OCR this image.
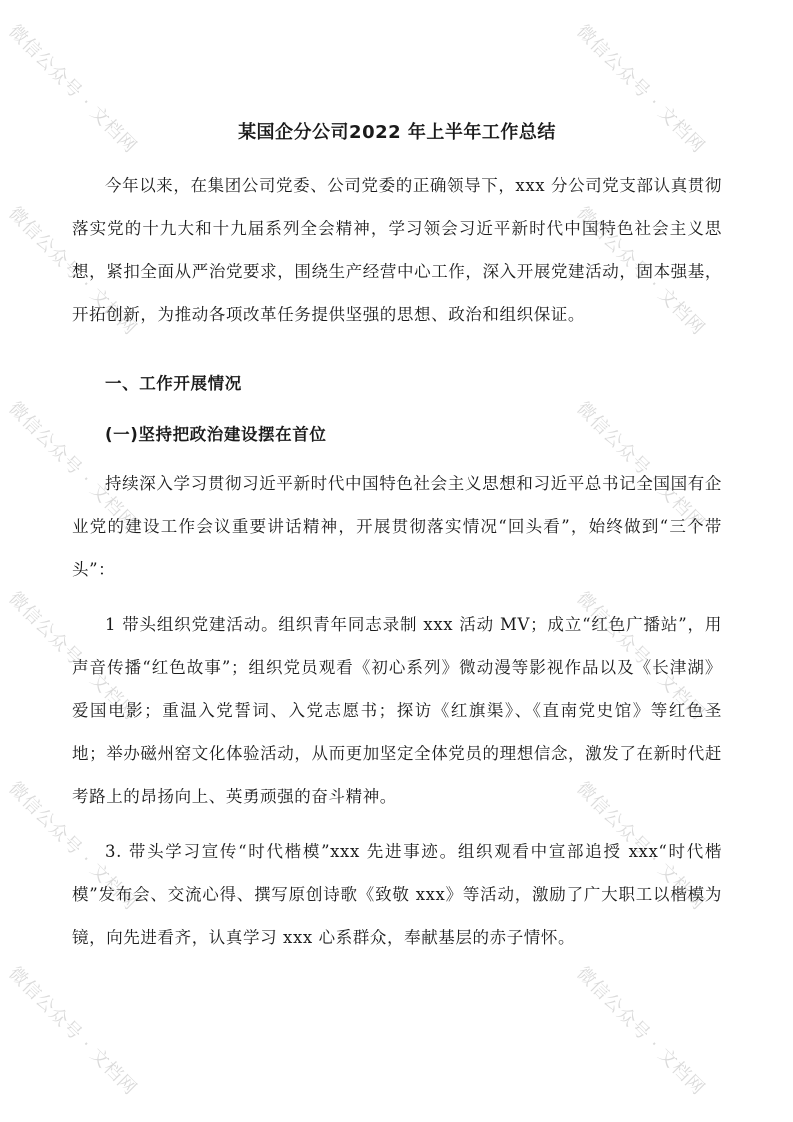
微信公众号 · 文档网	微信公众号 · 文档网
微信公众号 · 文档网	微信公众号 · 文档网
微信公众号 · 文档网	微信公众号 · 文档网
微信公众号 · 文档网	微信公众号 · 文档网
微信公众号 · 文档网	微信公众号 · 文档网
微信公众号 · 文档网	微信公众号 · 文档网
某国企分公司2022 年上半年工作总结

今年以来，在集团公司党委、公司党委的正确领导下，xxx 分公司党支部认真贯彻落实党的十九大和十九届系列全会精神，学习领会习近平新时代中国特色社会主义思想，紧扣全面从严治党要求，围绕生产经营中心工作，深入开展党建活动，固本强基，开拓创新，为推动各项改革任务提供坚强的思想、政治和组织保证。

一、工作开展情况
(一)坚持把政治建设摆在首位

持续深入学习贯彻习近平新时代中国特色社会主义思想和习近平总书记全国国有企业党的建设工作会议重要讲话精神，开展贯彻落实情况“回头看”，始终做到“三个带头”：

1 带头组织党建活动。组织青年同志录制 xxx 活动 MV；成立“红色广播站”，用声音传播“红色故事”；组织党员观看《初心系列》微动漫等影视作品以及《长津湖》爱国电影；重温入党誓词、入党志愿书；探访《红旗渠》、《直南党史馆》等红色圣地；举办磁州窑文化体验活动，从而更加坚定全体党员的理想信念，激发了在新时代赶考路上的昂扬向上、英勇顽强的奋斗精神。

3. 带头学习宣传“时代楷模”xxx 先进事迹。组织观看中宣部追授 xxx“时代楷模”发布会、交流心得、撰写原创诗歌《致敬 xxx》等活动，激励了广大职工以楷模为镜，向先进看齐，认真学习 xxx 心系群众，奉献基层的赤子情怀。
